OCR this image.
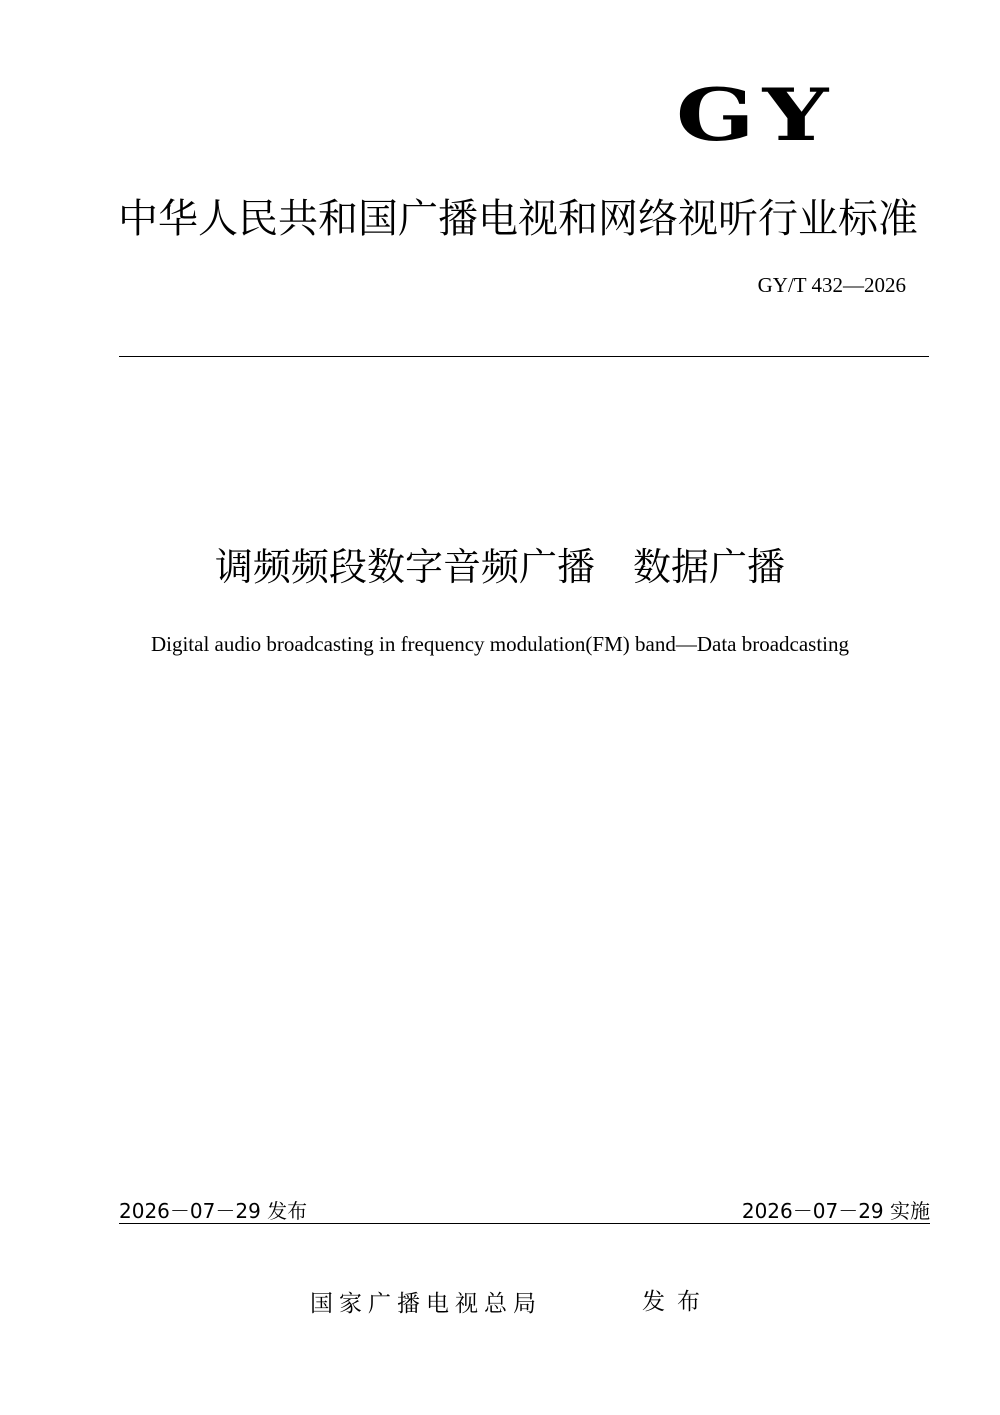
GY
中华人民共和国广播电视和网络视听行业标准
GY/T 432—2026
调频频段数字音频广播　数据广播
Digital audio broadcasting in frequency modulation(FM) band—Data broadcasting
2026－07－29 发布	2026－07－29 实施
国家广播电视总局	发布
